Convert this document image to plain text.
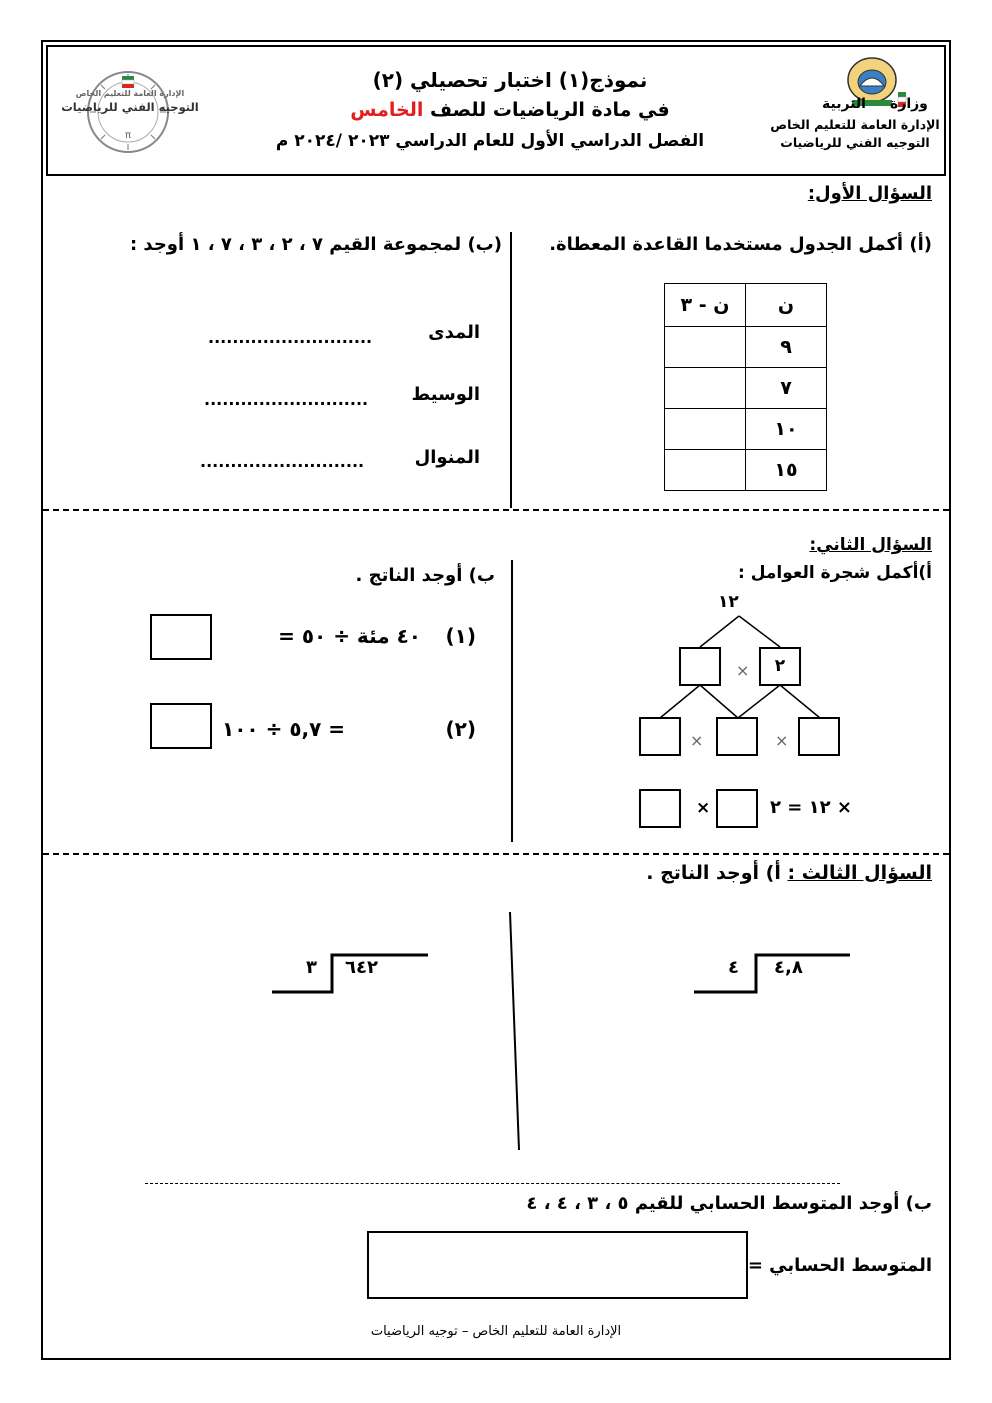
وزارة
التربية
الإدارة العامة للتعليم الخاص
التوجيه الفني للرياضيات
نموذج(١) اختبار تحصيلي (٢)
في مادة الرياضيات للصف الخامس
الفصل الدراسي الأول للعام الدراسي ٢٠٢٣ /٢٠٢٤ م
π
الإدارة العامة للتعليم الخاص
التوجيه الفني للرياضيات
السؤال الأول:
(أ) أكمل الجدول مستخدما القاعدة المعطاة.
(ب) لمجموعة القيم ٧ ، ٢ ، ٣ ، ٧ ، ١ أوجد :
ن	ن - ٣
٩	
٧	
١٠	
١٥	
المدى
...........................
الوسيط
...........................
المنوال
...........................
السؤال الثاني:
أ)أكمل شجرة العوامل :
ب) أوجد الناتج .
١٢
×	٢
×	×
×	١٢ = ٢ ×
(١)
٤٠ مئة ÷ ٥٠ =
(٢)
٥,٧ ÷ ١٠٠ =
السؤال الثالث : أ) أوجد الناتج .
٤ ٤,٨
٣ ٦٤٢
ب) أوجد المتوسط الحسابي للقيم ٥ ، ٣ ، ٤ ، ٤
المتوسط الحسابي =
الإدارة العامة للتعليم الخاص – توجيه الرياضيات
